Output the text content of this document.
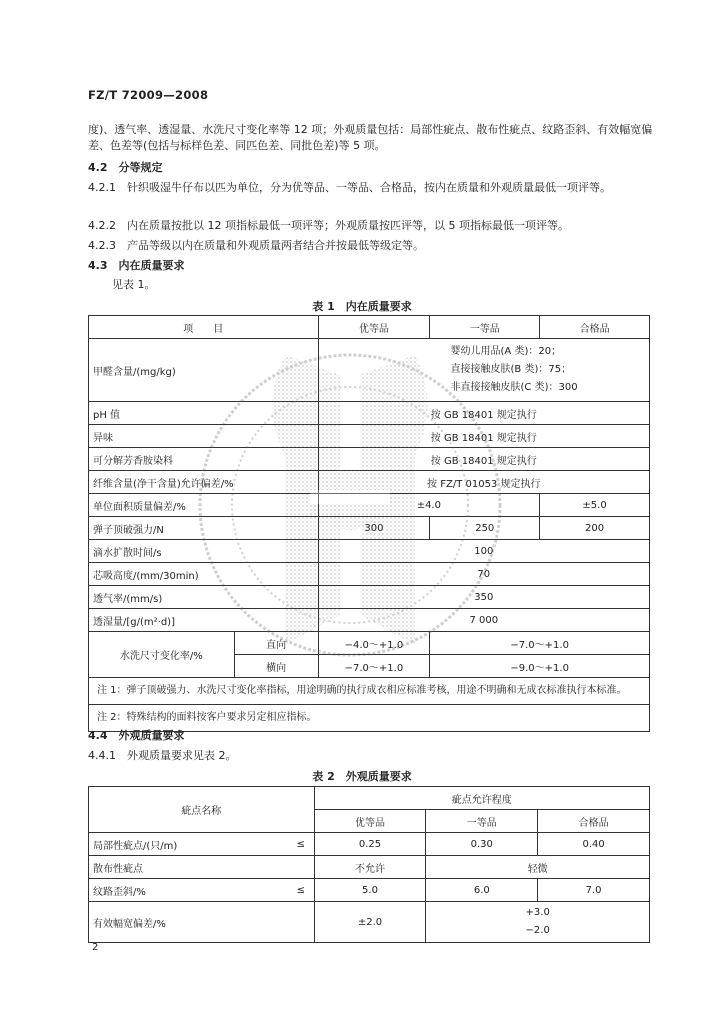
FZ/T 72009—2008
度)、透气率、透湿量、水洗尺寸变化率等 12 项；外观质量包括：局部性疵点、散布性疵点、纹路歪斜、有效幅宽偏差、色差等(包括与标样色差、同匹色差、同批色差)等 5 项。
4.2　分等规定
4.2.1　针织吸湿牛仔布以匹为单位，分为优等品、一等品、合格品，按内在质量和外观质量最低一项评等。
4.2.2　内在质量按批以 12 项指标最低一项评等；外观质量按匹评等，以 5 项指标最低一项评等。
4.2.3　产品等级以内在质量和外观质量两者结合并按最低等级定等。
4.3　内在质量要求
见表 1。
表 1　内在质量要求
项　　目		优等品	一等品	合格品
甲醛含量/(mg/kg)		婴幼儿用品(A 类)：20；
直接接触皮肤(B 类)：75；
非直接接触皮肤(C 类)：300		

pH 值		按 GB 18401 规定执行		
异味		按 GB 18401 规定执行		
可分解芳香胺染料		按 GB 18401 规定执行		
纤维含量(净干含量)允许偏差/%		按 FZ/T 01053 规定执行		
单位面积质量偏差/%		±4.0		±5.0
弹子顶破强力/N		300	250	200
滴水扩散时间/s		100		
芯吸高度/(mm/30min)		70		
透气率/(mm/s)		350		
透湿量/[g/(m²·d)]		7 000		
水洗尺寸变化率/%	直向	−4.0～+1.0	−7.0～+1.0	
	横向	−7.0～+1.0	−9.0～+1.0	
注 1：弹子顶破强力、水洗尺寸变化率指标，用途明确的执行成衣相应标准考核，用途不明确和无成衣标准执行本标准。				
注 2：特殊结构的面料按客户要求另定相应指标。				
4.4　外观质量要求
4.4.1　外观质量要求见表 2。
表 2　外观质量要求
疵点名称		疵点允许程度		
		优等品	一等品	合格品
局部性疵点/(只/m)	≤	0.25	0.30	0.40
散布性疵点		不允许	轻微	
纹路歪斜/%	≤	5.0	6.0	7.0
有效幅宽偏差/%		±2.0	+3.0
−2.0	
2
